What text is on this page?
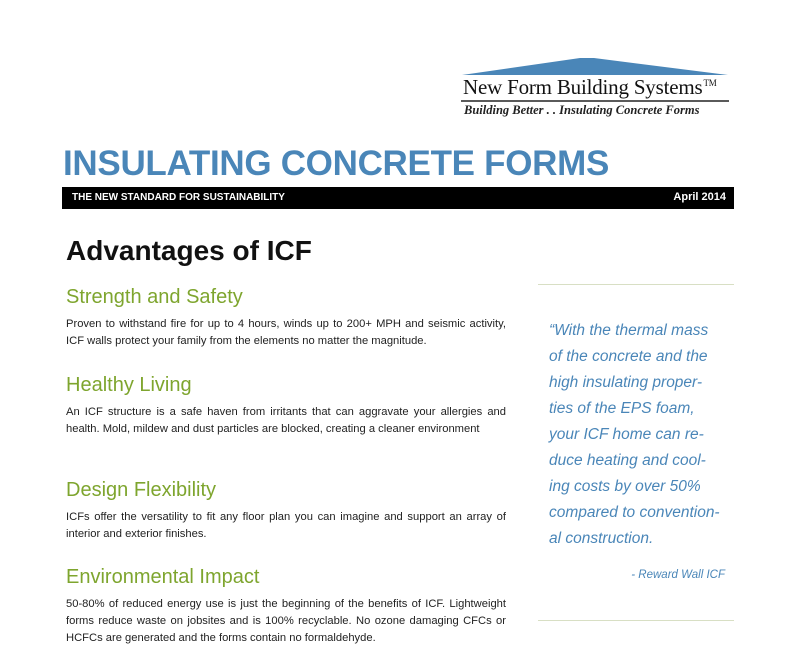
New Form Building Systems™
Building Better . . Insulating Concrete Forms
INSULATING CONCRETE FORMS
THE NEW STANDARD FOR SUSTAINABILITY	April 2014
Advantages of ICF
Strength and Safety

Proven to withstand fire for up to 4 hours, winds up to 200+ MPH and seismic activity, ICF walls protect your family from the elements no matter the magnitude.

Healthy Living

An ICF structure is a safe haven from irritants that can aggravate your allergies and health. Mold, mildew and dust particles are blocked, creating a cleaner environment

Design Flexibility

ICFs offer the versatility to fit any floor plan you can imagine and support an array of interior and exterior finishes.

Environmental Impact

50-80% of reduced energy use is just the beginning of the benefits of ICF. Lightweight forms reduce waste on jobsites and is 100% recyclable. No ozone damaging CFCs or HCFCs are generated and the forms contain no formaldehyde.

“With the thermal mass
of the concrete and the
high insulating proper-
ties of the EPS foam,
your ICF home can re-
duce heating and cool-
ing costs by over 50%
compared to convention-
al construction.
- Reward Wall ICF
